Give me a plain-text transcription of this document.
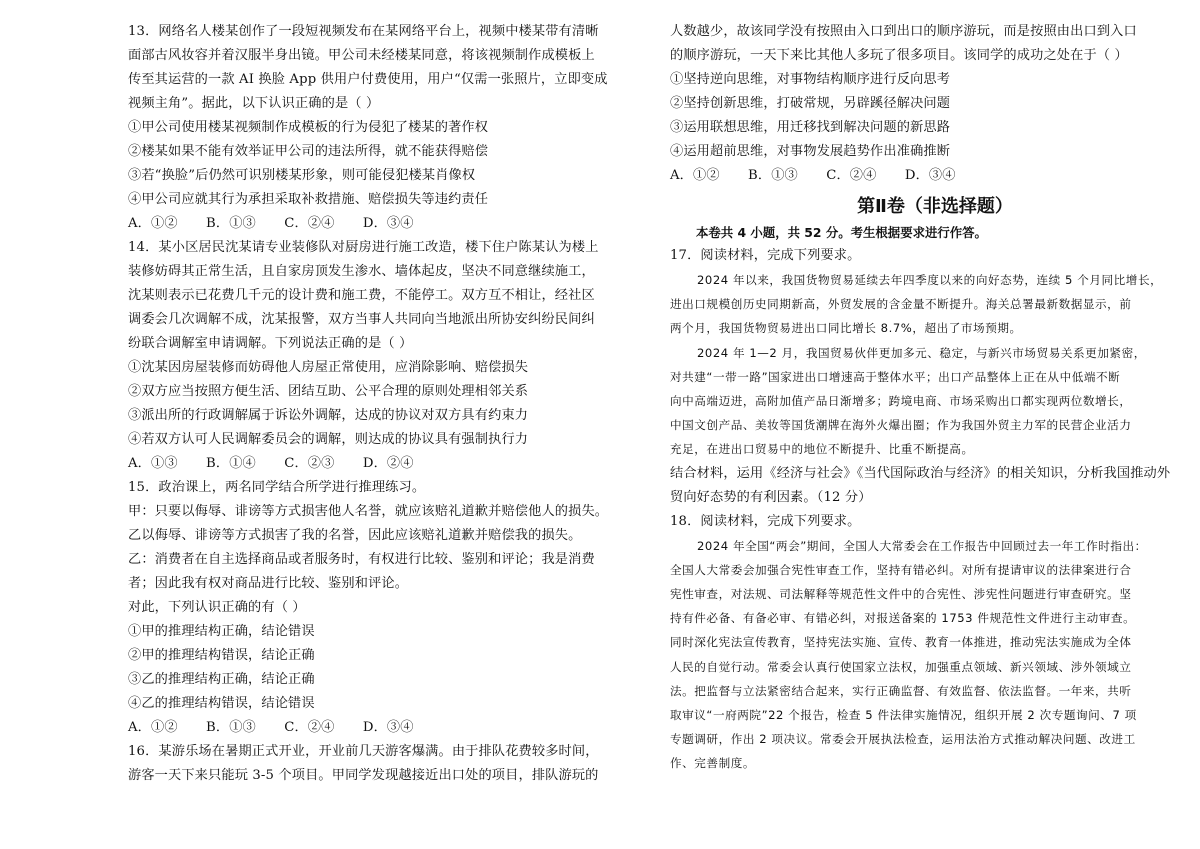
13．网络名人楼某创作了一段短视频发布在某网络平台上，视频中楼某带有清晰
面部古风妆容并着汉服半身出镜。甲公司未经楼某同意，将该视频制作成模板上
传至其运营的一款 AI 换脸 App 供用户付费使用，用户“仅需一张照片，立即变成
视频主角”。据此，以下认识正确的是（ ）
①甲公司使用楼某视频制作成模板的行为侵犯了楼某的著作权
②楼某如果不能有效举证甲公司的违法所得，就不能获得赔偿
③若“换脸”后仍然可识别楼某形象，则可能侵犯楼某肖像权
④甲公司应就其行为承担采取补救措施、赔偿损失等违约责任
A．①② B．①③ C．②④ D．③④
14．某小区居民沈某请专业装修队对厨房进行施工改造，楼下住户陈某认为楼上
装修妨碍其正常生活，且自家房顶发生渗水、墙体起皮，坚决不同意继续施工，
沈某则表示已花费几千元的设计费和施工费，不能停工。双方互不相让，经社区
调委会几次调解不成，沈某报警，双方当事人共同向当地派出所协安纠纷民间纠
纷联合调解室申请调解。下列说法正确的是（ ）
①沈某因房屋装修而妨碍他人房屋正常使用，应消除影响、赔偿损失
②双方应当按照方便生活、团结互助、公平合理的原则处理相邻关系
③派出所的行政调解属于诉讼外调解，达成的协议对双方具有约束力
④若双方认可人民调解委员会的调解，则达成的协议具有强制执行力
A．①③ B．①④ C．②③ D．②④
15．政治课上，两名同学结合所学进行推理练习。
甲：只要以侮辱、诽谤等方式损害他人名誉，就应该赔礼道歉并赔偿他人的损失。
乙以侮辱、诽谤等方式损害了我的名誉，因此应该赔礼道歉并赔偿我的损失。
乙：消费者在自主选择商品或者服务时，有权进行比较、鉴别和评论；我是消费
者；因此我有权对商品进行比较、鉴别和评论。
对此，下列认识正确的有（ ）
①甲的推理结构正确，结论错误
②甲的推理结构错误，结论正确
③乙的推理结构正确，结论正确
④乙的推理结构错误，结论错误
A．①② B．①③ C．②④ D．③④
16．某游乐场在暑期正式开业，开业前几天游客爆满。由于排队花费较多时间，
游客一天下来只能玩 3-5 个项目。甲同学发现越接近出口处的项目，排队游玩的
人数越少，故该同学没有按照由入口到出口的顺序游玩，而是按照由出口到入口
的顺序游玩，一天下来比其他人多玩了很多项目。该同学的成功之处在于（ ）
①坚持逆向思维，对事物结构顺序进行反向思考
②坚持创新思维，打破常规，另辟蹊径解决问题
③运用联想思维，用迁移找到解决问题的新思路
④运用超前思维，对事物发展趋势作出准确推断
A．①② B．①③ C．②④ D．③④
第Ⅱ卷（非选择题）
本卷共 4 小题，共 52 分。考生根据要求进行作答。
17．阅读材料，完成下列要求。
2024 年以来，我国货物贸易延续去年四季度以来的向好态势，连续 5 个月同比增长，
进出口规模创历史同期新高，外贸发展的含金量不断提升。海关总署最新数据显示，前
两个月，我国货物贸易进出口同比增长 8.7%，超出了市场预期。
2024 年 1—2 月，我国贸易伙伴更加多元、稳定，与新兴市场贸易关系更加紧密，
对共建“一带一路”国家进出口增速高于整体水平；出口产品整体上正在从中低端不断
向中高端迈进，高附加值产品日渐增多；跨境电商、市场采购出口都实现两位数增长，
中国文创产品、美妆等国货潮牌在海外火爆出圈；作为我国外贸主力军的民营企业活力
充足，在进出口贸易中的地位不断提升、比重不断提高。
结合材料，运用《经济与社会》《当代国际政治与经济》的相关知识，分析我国推动外
贸向好态势的有利因素。（12 分）
18．阅读材料，完成下列要求。
2024 年全国“两会”期间，全国人大常委会在工作报告中回顾过去一年工作时指出：
全国人大常委会加强合宪性审查工作，坚持有错必纠。对所有提请审议的法律案进行合
宪性审查，对法规、司法解释等规范性文件中的合宪性、涉宪性问题进行审查研究。坚
持有件必备、有备必审、有错必纠，对报送备案的 1753 件规范性文件进行主动审查。
同时深化宪法宣传教育，坚持宪法实施、宣传、教育一体推进，推动宪法实施成为全体
人民的自觉行动。常委会认真行使国家立法权，加强重点领域、新兴领域、涉外领域立
法。把监督与立法紧密结合起来，实行正确监督、有效监督、依法监督。一年来，共听
取审议“一府两院”22 个报告，检查 5 件法律实施情况，组织开展 2 次专题询问、7 项
专题调研，作出 2 项决议。常委会开展执法检查，运用法治方式推动解决问题、改进工
作、完善制度。
